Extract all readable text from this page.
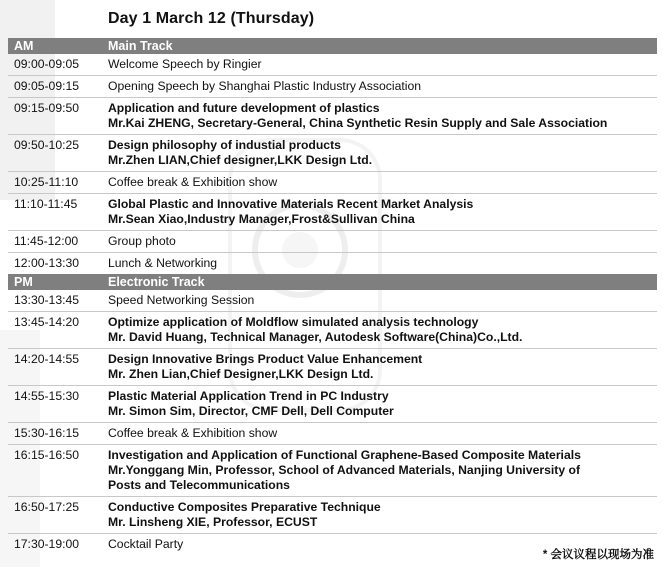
Day 1 March 12 (Thursday)
AM	Main Track
09:00-09:05	Welcome Speech by Ringier
09:05-09:15	Opening Speech by Shanghai Plastic Industry Association
09:15-09:50	Application and future development of plastics
Mr.Kai ZHENG, Secretary-General, China Synthetic Resin Supply and Sale Association
09:50-10:25	Design philosophy of industial products
Mr.Zhen LIAN,Chief designer,LKK Design Ltd.
10:25-11:10	Coffee break & Exhibition show
11:10-11:45	Global Plastic and Innovative Materials Recent Market Analysis
Mr.Sean Xiao,Industry Manager,Frost&Sullivan China
11:45-12:00	Group photo
12:00-13:30	Lunch & Networking
PM	Electronic Track
13:30-13:45	Speed Networking Session
13:45-14:20	Optimize application of Moldflow simulated analysis technology
Mr. David Huang, Technical Manager, Autodesk Software(China)Co.,Ltd.
14:20-14:55	Design Innovative Brings Product Value Enhancement
Mr. Zhen Lian,Chief Designer,LKK Design Ltd.
14:55-15:30	Plastic Material Application Trend in PC Industry
Mr. Simon Sim, Director, CMF Dell, Dell Computer
15:30-16:15	Coffee break & Exhibition show
16:15-16:50	Investigation and Application of Functional Graphene-Based Composite Materials
Mr.Yonggang Min, Professor, School of Advanced Materials, Nanjing University of
Posts and Telecommunications
16:50-17:25	Conductive Composites Preparative Technique
Mr. Linsheng XIE, Professor, ECUST
17:30-19:00	Cocktail Party
* 会议议程以现场为准
